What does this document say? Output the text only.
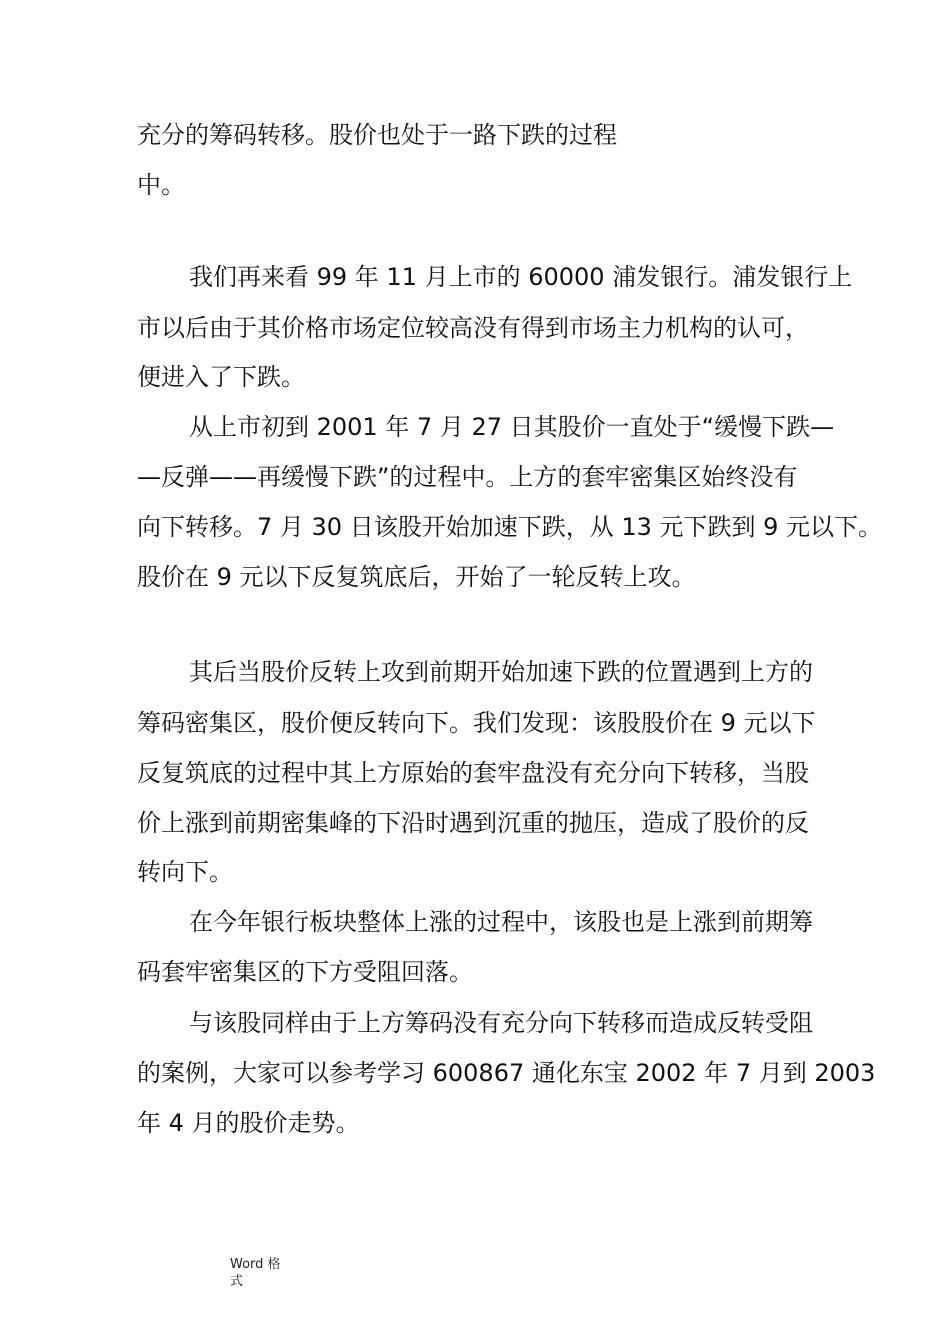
充分的筹码转移。股价也处于一路下跌的过程
中。
我们再来看 99 年 11 月上市的 60000 浦发银行。浦发银行上
市以后由于其价格市场定位较高没有得到市场主力机构的认可，
便进入了下跌。
从上市初到 2001 年 7 月 27 日其股价一直处于“缓慢下跌—
—反弹——再缓慢下跌”的过程中。上方的套牢密集区始终没有
向下转移。7 月 30 日该股开始加速下跌，从 13 元下跌到 9 元以下。
股价在 9 元以下反复筑底后，开始了一轮反转上攻。
其后当股价反转上攻到前期开始加速下跌的位置遇到上方的
筹码密集区，股价便反转向下。我们发现：该股股价在 9 元以下
反复筑底的过程中其上方原始的套牢盘没有充分向下转移，当股
价上涨到前期密集峰的下沿时遇到沉重的抛压，造成了股价的反
转向下。
在今年银行板块整体上涨的过程中，该股也是上涨到前期筹
码套牢密集区的下方受阻回落。
与该股同样由于上方筹码没有充分向下转移而造成反转受阻
的案例，大家可以参考学习 600867 通化东宝 2002 年 7 月到 2003
年 4 月的股价走势。
Word 格
式
